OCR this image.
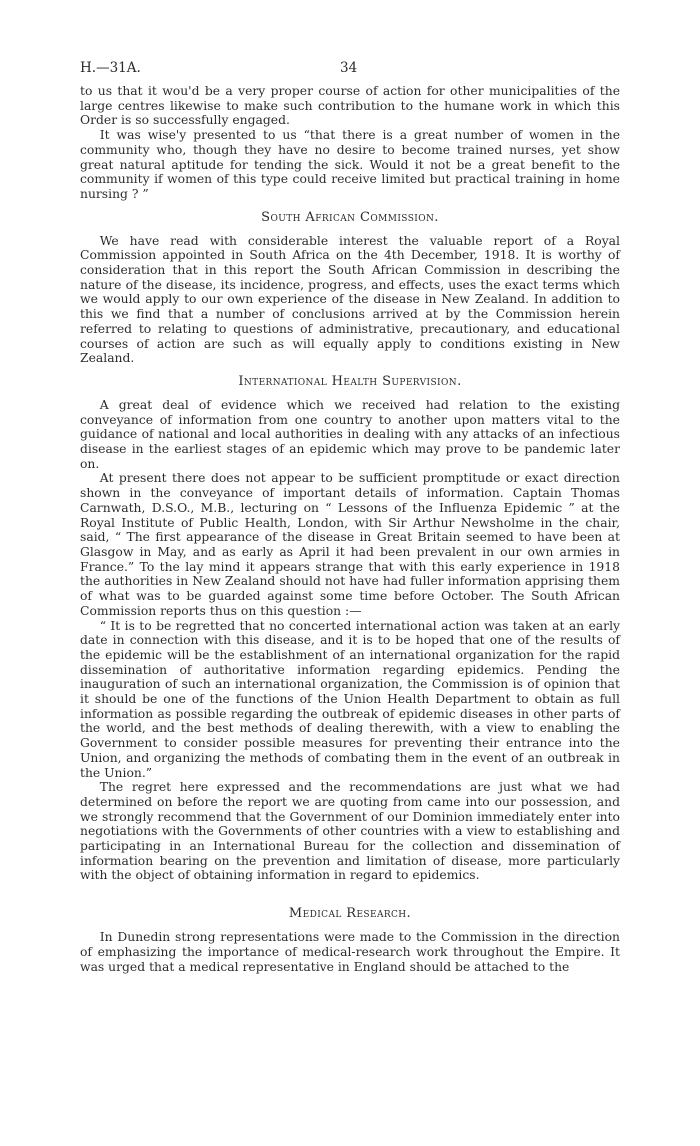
H.—31A.	34

to us that it wou'd be a very proper course of action for other municipalities of the large centres likewise to make such contribution to the humane work in which this Order is so successfully engaged.

It was wise'y presented to us “that there is a great number of women in the community who, though they have no desire to become trained nurses, yet show great natural aptitude for tending the sick. Would it not be a great benefit to the community if women of this type could receive limited but practical training in home nursing ? ”

South African Commission.

We have read with considerable interest the valuable report of a Royal Commission appointed in South Africa on the 4th December, 1918. It is worthy of consideration that in this report the South African Commission in describing the nature of the disease, its incidence, progress, and effects, uses the exact terms which we would apply to our own experience of the disease in New Zealand. In addition to this we find that a number of conclusions arrived at by the Commission herein referred to relating to questions of administrative, precautionary, and educational courses of action are such as will equally apply to conditions existing in New Zealand.

International Health Supervision.

A great deal of evidence which we received had relation to the existing conveyance of information from one country to another upon matters vital to the guidance of national and local authorities in dealing with any attacks of an infectious disease in the earliest stages of an epidemic which may prove to be pandemic later on.

At present there does not appear to be sufficient promptitude or exact direction shown in the conveyance of important details of information. Captain Thomas Carnwath, D.S.O., M.B., lecturing on “ Lessons of the Influenza Epidemic ” at the Royal Institute of Public Health, London, with Sir Arthur Newsholme in the chair, said, “ The first appearance of the disease in Great Britain seemed to have been at Glasgow in May, and as early as April it had been prevalent in our own armies in France.” To the lay mind it appears strange that with this early experience in 1918 the authorities in New Zealand should not have had fuller information apprising them of what was to be guarded against some time before October. The South African Commission reports thus on this question :—

“ It is to be regretted that no concerted international action was taken at an early date in connection with this disease, and it is to be hoped that one of the results of the epidemic will be the establishment of an international organization for the rapid dissemination of authoritative information regarding epidemics. Pending the inauguration of such an international organization, the Commission is of opinion that it should be one of the functions of the Union Health Department to obtain as full information as possible regarding the outbreak of epidemic diseases in other parts of the world, and the best methods of dealing therewith, with a view to enabling the Government to consider possible measures for preventing their entrance into the Union, and organizing the methods of combating them in the event of an outbreak in the Union.”

The regret here expressed and the recommendations are just what we had determined on before the report we are quoting from came into our possession, and we strongly recommend that the Government of our Dominion immediately enter into negotiations with the Governments of other countries with a view to establishing and participating in an International Bureau for the collection and dissemination of information bearing on the prevention and limitation of disease, more particularly with the object of obtaining information in regard to epidemics.

Medical Research.

In Dunedin strong representations were made to the Commission in the direction of emphasizing the importance of medical-research work throughout the Empire. It was urged that a medical representative in England should be attached to the
